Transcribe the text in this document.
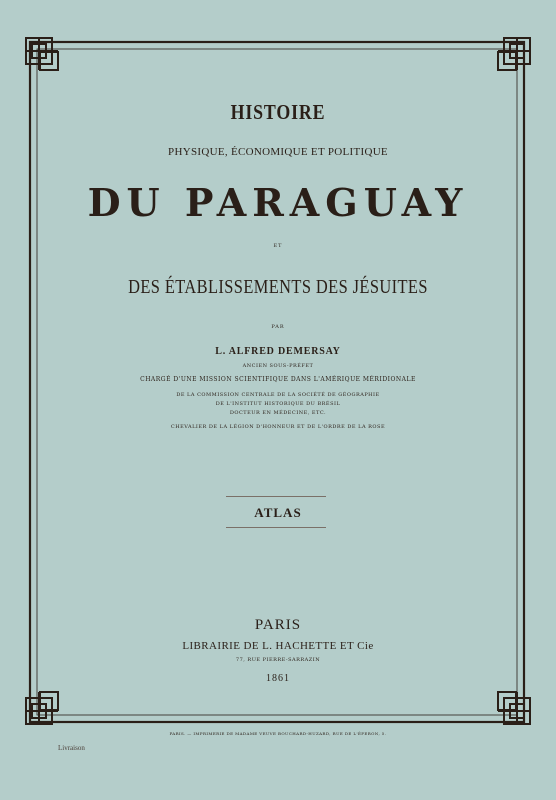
HISTOIRE
PHYSIQUE, ÉCONOMIQUE ET POLITIQUE
DU PARAGUAY
ET
DES ÉTABLISSEMENTS DES JÉSUITES
PAR
L. ALFRED DEMERSAY
ANCIEN SOUS-PRÉFET
CHARGÉ D'UNE MISSION SCIENTIFIQUE DANS L'AMÉRIQUE MÉRIDIONALE
DE LA COMMISSION CENTRALE DE LA SOCIÉTÉ DE GÉOGRAPHIE
DE L'INSTITUT HISTORIQUE DU BRÉSIL
DOCTEUR EN MÉDECINE, ETC.
CHEVALIER DE LA LÉGION D'HONNEUR ET DE L'ORDRE DE LA ROSE
ATLAS
PARIS
LIBRAIRIE DE L. HACHETTE ET Cie
77, RUE PIERRE-SARRAZIN
1861
PARIS. — IMPRIMERIE DE MADAME VEUVE BOUCHARD-HUZARD, RUE DE L'ÉPERON, 5.
Livraison
